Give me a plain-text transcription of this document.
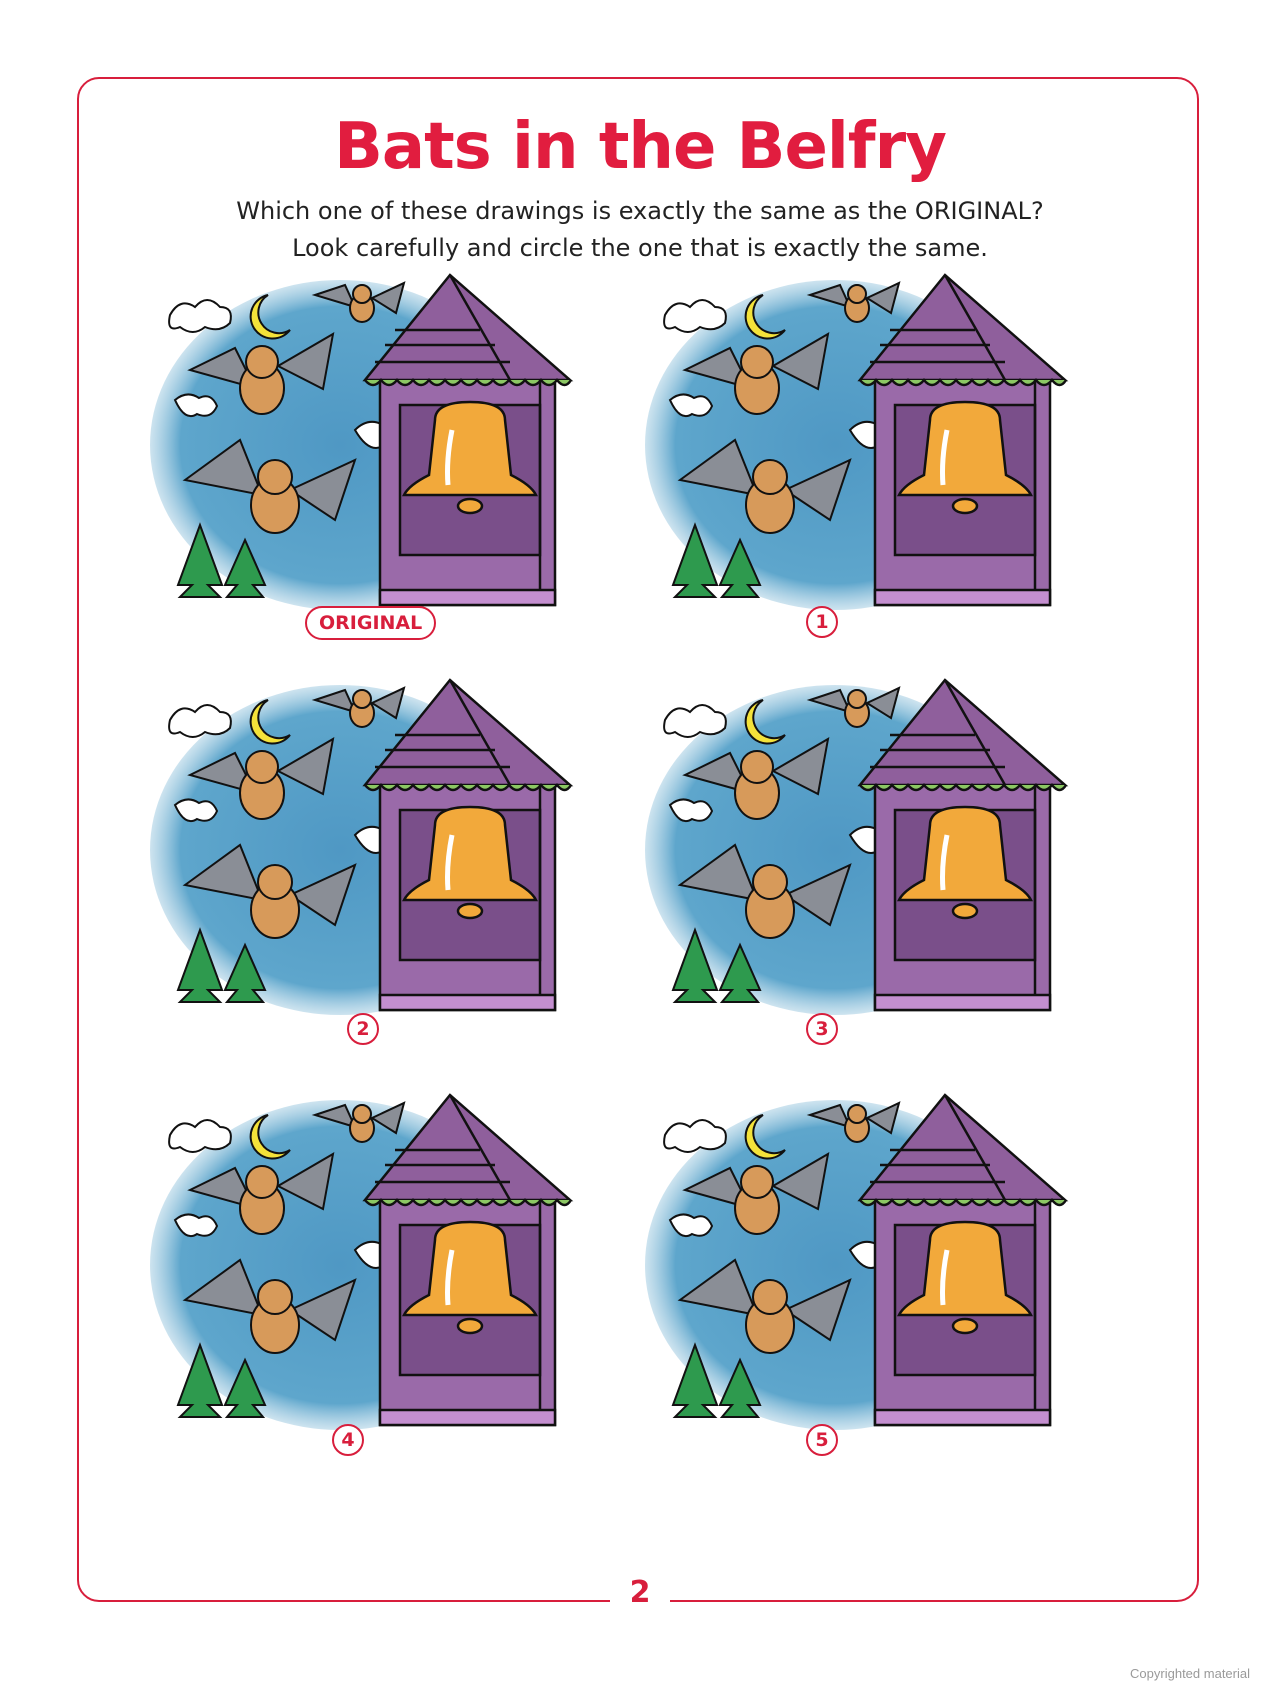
Bats in the Belfry

Which one of these drawings is exactly the same as the ORIGINAL?

Look carefully and circle the one that is exactly the same.

ORIGINAL	1
2	3
4	5
2
Copyrighted material
